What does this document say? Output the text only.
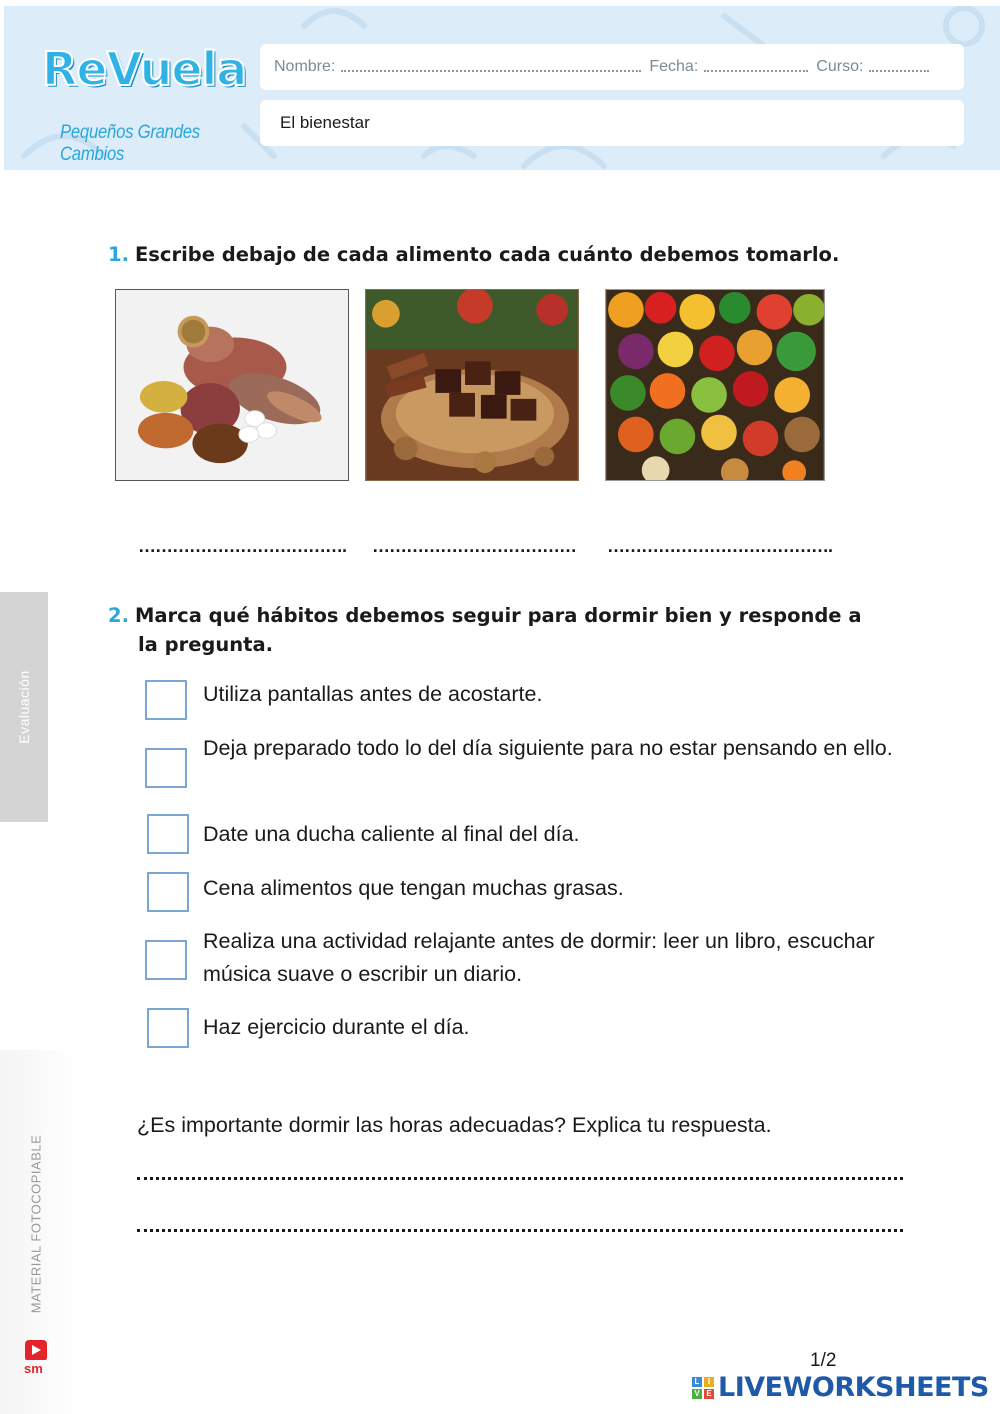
ReVuela
Pequeños Grandes Cambios
Nombre:	Fecha:	Curso:
El bienestar
Evaluación
MATERIAL FOTOCOPIABLE
sm
1. Escribe debajo de cada alimento cada cuánto debemos tomarlo.
………………………………. ……………………………… ………………………………….
2. Marca qué hábitos debemos seguir para dormir bien y responde a la pregunta.
Utiliza pantallas antes de acostarte.
Deja preparado todo lo del día siguiente para no estar pensando en ello.
Date una ducha caliente al final del día.
Cena alimentos que tengan muchas grasas.
Realiza una actividad relajante antes de dormir: leer un libro, escuchar música suave o escribir un diario.
Haz ejercicio durante el día.
¿Es importante dormir las horas adecuadas? Explica tu respuesta.
1/2
L	I
V E LIVEWORKSHEETS
